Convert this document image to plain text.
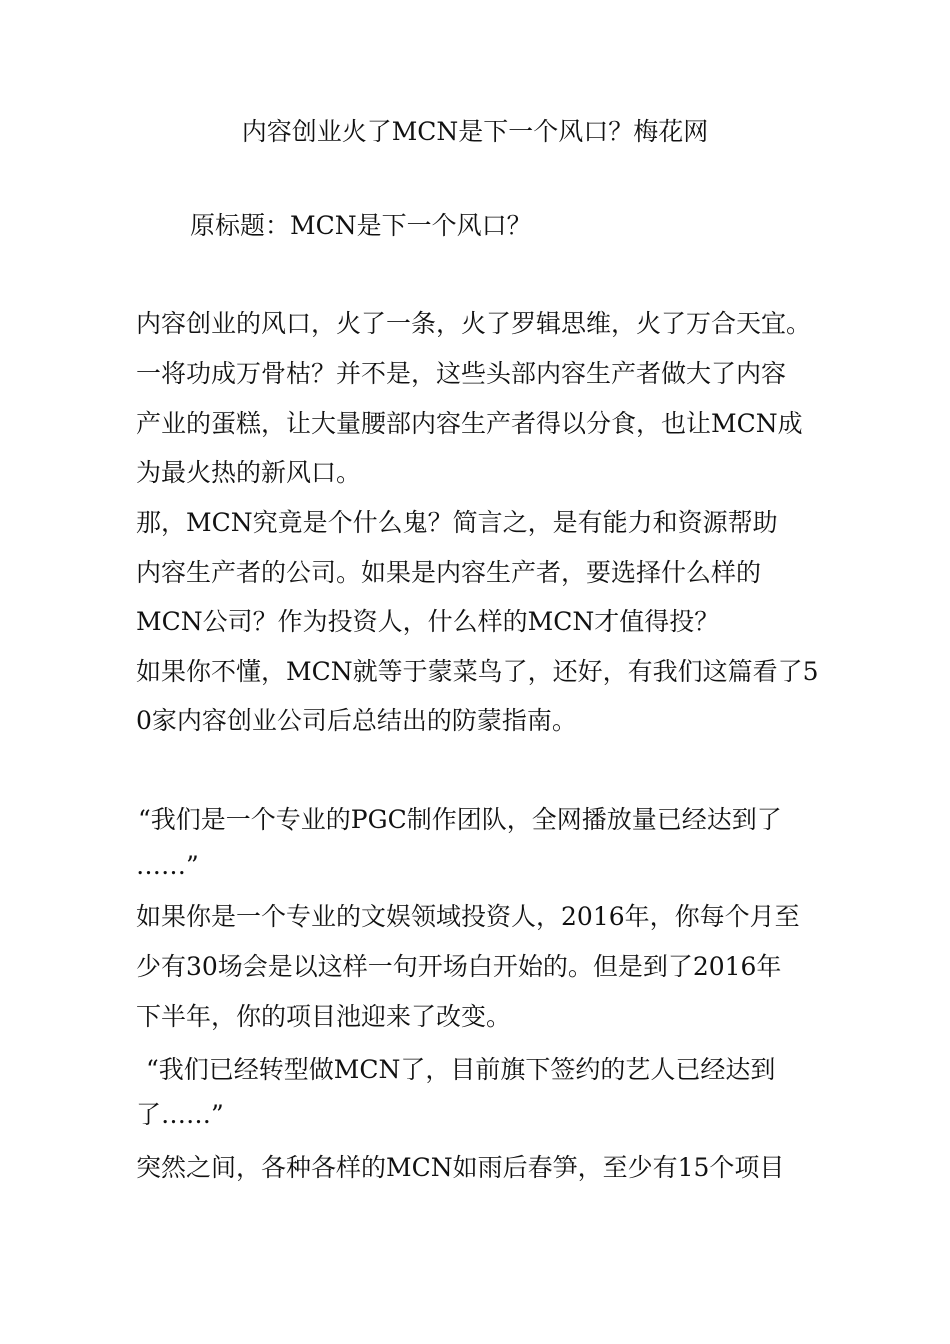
内容创业火了MCN是下一个风口？梅花网
原标题：MCN是下一个风口？
内容创业的风口，火了一条，火了罗辑思维，火了万合天宜。
一将功成万骨枯？并不是，这些头部内容生产者做大了内容
产业的蛋糕，让大量腰部内容生产者得以分食，也让MCN成
为最火热的新风口。
那，MCN究竟是个什么鬼？简言之，是有能力和资源帮助
内容生产者的公司。如果是内容生产者，要选择什么样的
MCN公司？作为投资人，什么样的MCN才值得投？
如果你不懂，MCN就等于蒙菜鸟了，还好，有我们这篇看了5
0家内容创业公司后总结出的防蒙指南。
“我们是一个专业的PGC制作团队，全网播放量已经达到了
……”
如果你是一个专业的文娱领域投资人，2016年，你每个月至
少有30场会是以这样一句开场白开始的。但是到了2016年
下半年，你的项目池迎来了改变。
“我们已经转型做MCN了，目前旗下签约的艺人已经达到
了……”
突然之间，各种各样的MCN如雨后春笋，至少有15个项目
